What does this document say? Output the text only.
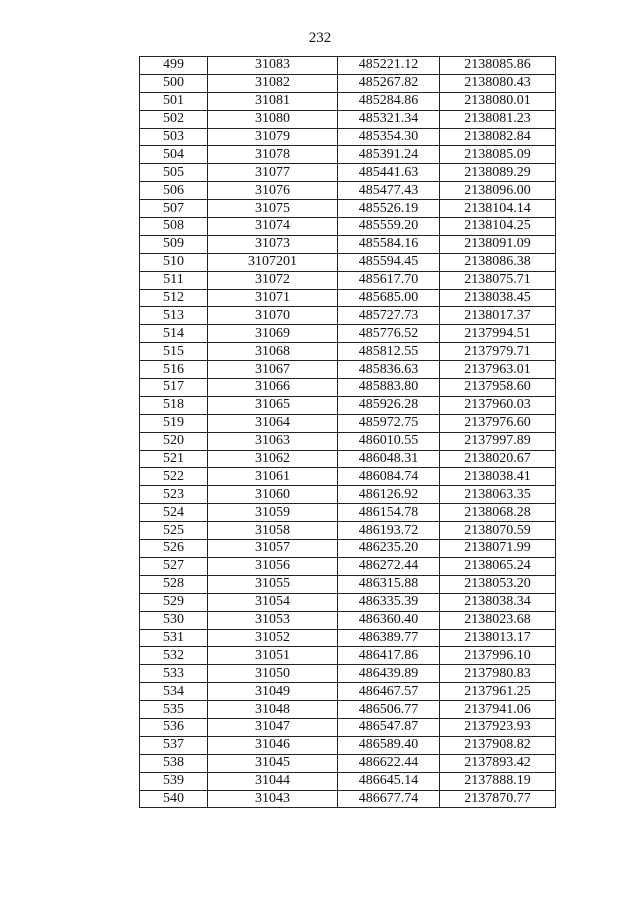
232
499	31083	485221.12	2138085.86
500	31082	485267.82	2138080.43
501	31081	485284.86	2138080.01
502	31080	485321.34	2138081.23
503	31079	485354.30	2138082.84
504	31078	485391.24	2138085.09
505	31077	485441.63	2138089.29
506	31076	485477.43	2138096.00
507	31075	485526.19	2138104.14
508	31074	485559.20	2138104.25
509	31073	485584.16	2138091.09
510	3107201	485594.45	2138086.38
511	31072	485617.70	2138075.71
512	31071	485685.00	2138038.45
513	31070	485727.73	2138017.37
514	31069	485776.52	2137994.51
515	31068	485812.55	2137979.71
516	31067	485836.63	2137963.01
517	31066	485883.80	2137958.60
518	31065	485926.28	2137960.03
519	31064	485972.75	2137976.60
520	31063	486010.55	2137997.89
521	31062	486048.31	2138020.67
522	31061	486084.74	2138038.41
523	31060	486126.92	2138063.35
524	31059	486154.78	2138068.28
525	31058	486193.72	2138070.59
526	31057	486235.20	2138071.99
527	31056	486272.44	2138065.24
528	31055	486315.88	2138053.20
529	31054	486335.39	2138038.34
530	31053	486360.40	2138023.68
531	31052	486389.77	2138013.17
532	31051	486417.86	2137996.10
533	31050	486439.89	2137980.83
534	31049	486467.57	2137961.25
535	31048	486506.77	2137941.06
536	31047	486547.87	2137923.93
537	31046	486589.40	2137908.82
538	31045	486622.44	2137893.42
539	31044	486645.14	2137888.19
540	31043	486677.74	2137870.77
